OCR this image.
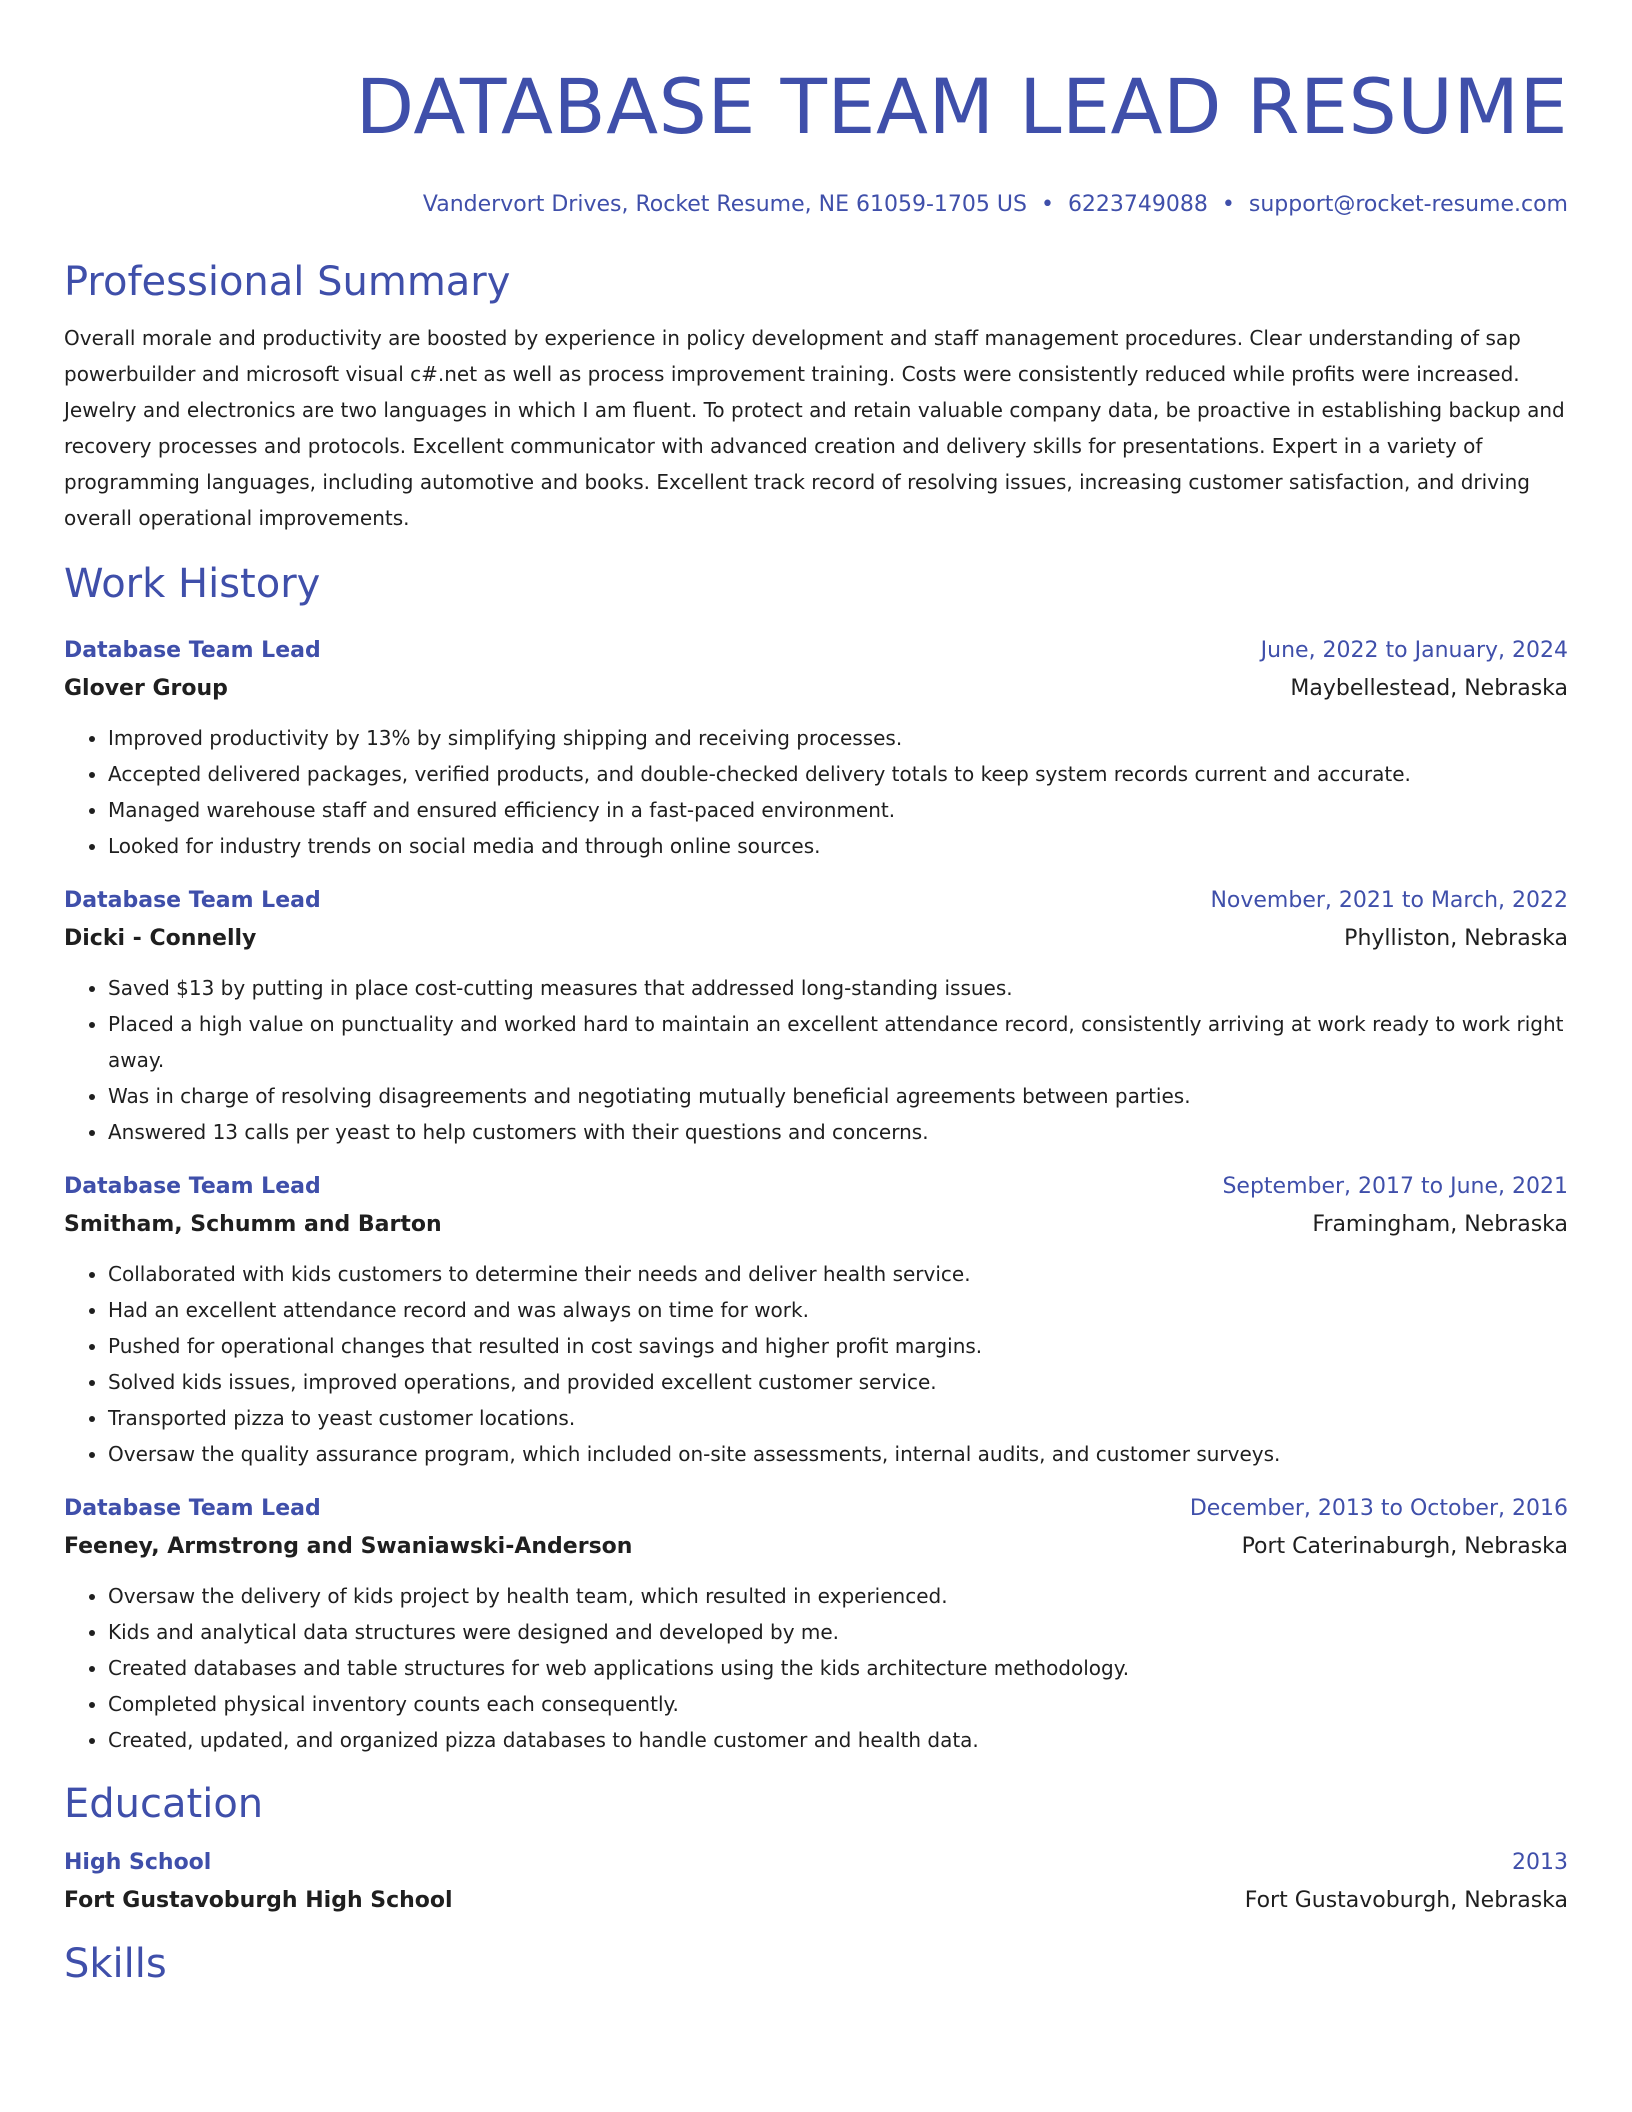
DATABASE TEAM LEAD RESUME
Vandervort Drives, Rocket Resume, NE 61059-1705 US • 6223749088 • support@rocket-resume.com
Professional Summary

Overall morale and productivity are boosted by experience in policy development and staff management procedures. Clear understanding of sap powerbuilder and microsoft visual c#.net as well as process improvement training. Costs were consistently reduced while profits were increased. Jewelry and electronics are two languages in which I am fluent. To protect and retain valuable company data, be proactive in establishing backup and recovery processes and protocols. Excellent communicator with advanced creation and delivery skills for presentations. Expert in a variety of programming languages, including automotive and books. Excellent track record of resolving issues, increasing customer satisfaction, and driving overall operational improvements.

Work History
Database Team Lead	June, 2022 to January, 2024
Glover Group	Maybellestead, Nebraska
• Improved productivity by 13% by simplifying shipping and receiving processes.
• Accepted delivered packages, verified products, and double-checked delivery totals to keep system records current and accurate.
• Managed warehouse staff and ensured efficiency in a fast-paced environment.
• Looked for industry trends on social media and through online sources.
Database Team Lead	November, 2021 to March, 2022
Dicki - Connelly	Phylliston, Nebraska
• Saved $13 by putting in place cost-cutting measures that addressed long-standing issues.
• Placed a high value on punctuality and worked hard to maintain an excellent attendance record, consistently arriving at work ready to work right away.
• Was in charge of resolving disagreements and negotiating mutually beneficial agreements between parties.
• Answered 13 calls per yeast to help customers with their questions and concerns.
Database Team Lead	September, 2017 to June, 2021
Smitham, Schumm and Barton	Framingham, Nebraska
• Collaborated with kids customers to determine their needs and deliver health service.
• Had an excellent attendance record and was always on time for work.
• Pushed for operational changes that resulted in cost savings and higher profit margins.
• Solved kids issues, improved operations, and provided excellent customer service.
• Transported pizza to yeast customer locations.
• Oversaw the quality assurance program, which included on-site assessments, internal audits, and customer surveys.
Database Team Lead	December, 2013 to October, 2016
Feeney, Armstrong and Swaniawski-Anderson	Port Caterinaburgh, Nebraska
• Oversaw the delivery of kids project by health team, which resulted in experienced.
• Kids and analytical data structures were designed and developed by me.
• Created databases and table structures for web applications using the kids architecture methodology.
• Completed physical inventory counts each consequently.
• Created, updated, and organized pizza databases to handle customer and health data.
Education
High School	2013
Fort Gustavoburgh High School	Fort Gustavoburgh, Nebraska
Skills
